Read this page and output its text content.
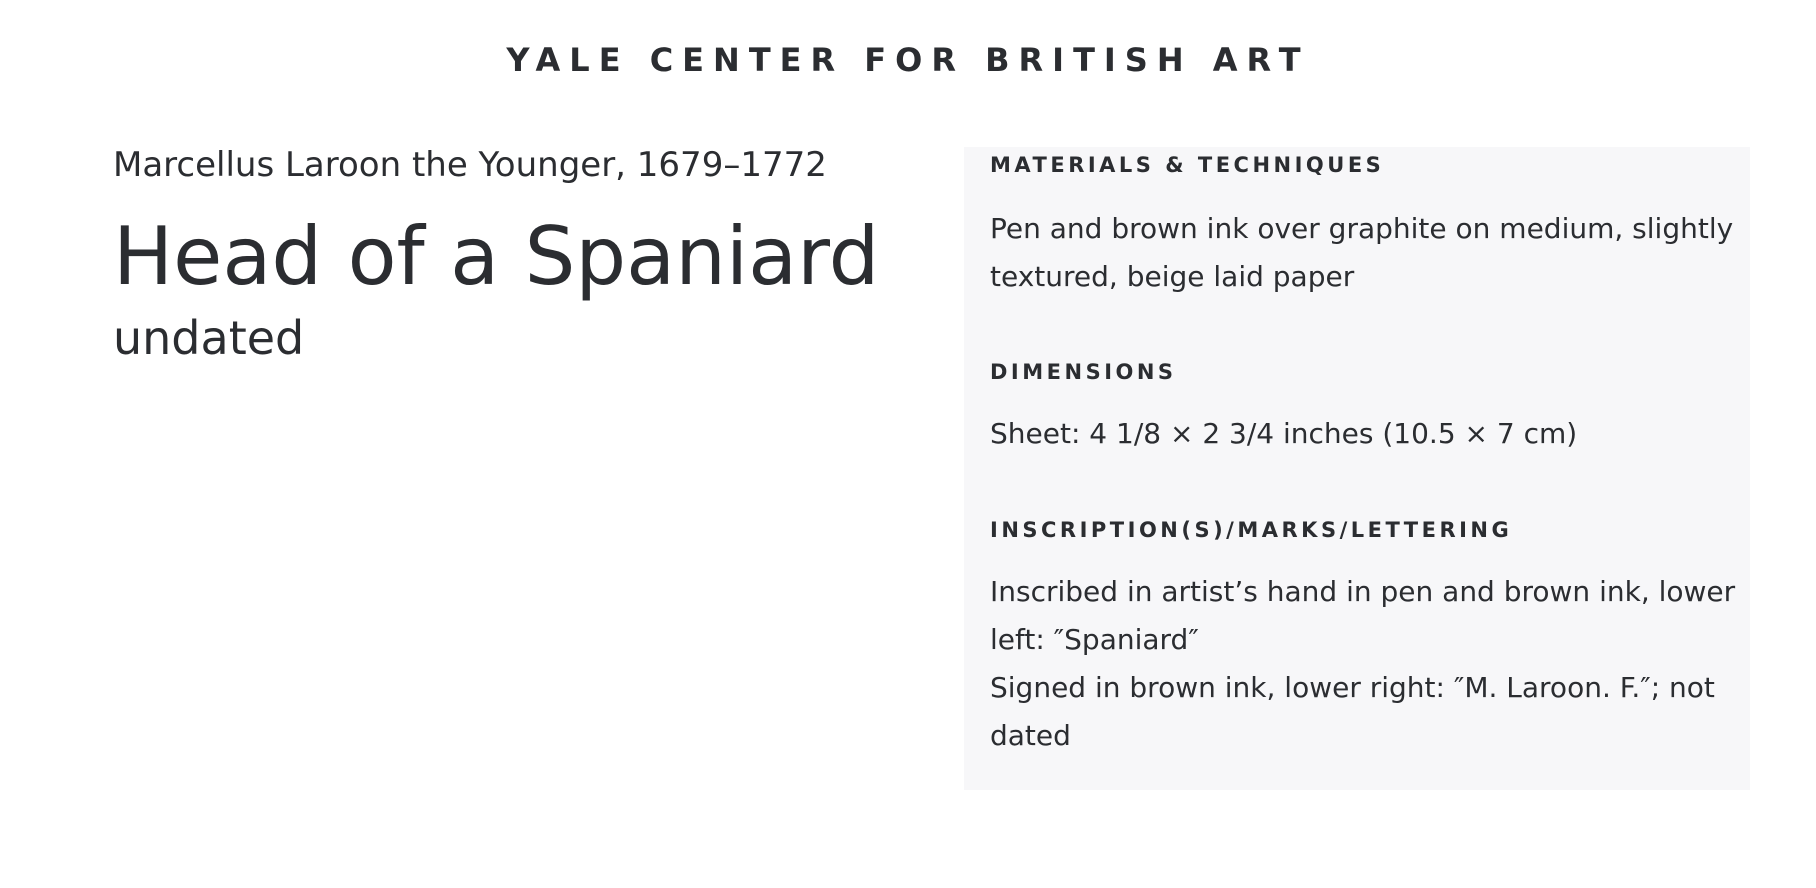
YALE CENTER FOR BRITISH ART
Marcellus Laroon the Younger, 1679–1772
Head of a Spaniard
undated
MATERIALS & TECHNIQUES
Pen and brown ink over graphite on medium, slightly textured, beige laid paper
DIMENSIONS
Sheet: 4 1/8 × 2 3/4 inches (10.5 × 7 cm)
INSCRIPTION(S)/MARKS/LETTERING

Inscribed in artist’s hand in pen and brown ink, lower left: ″Spaniard″

Signed in brown ink, lower right: ″M. Laroon. F.″; not dated
